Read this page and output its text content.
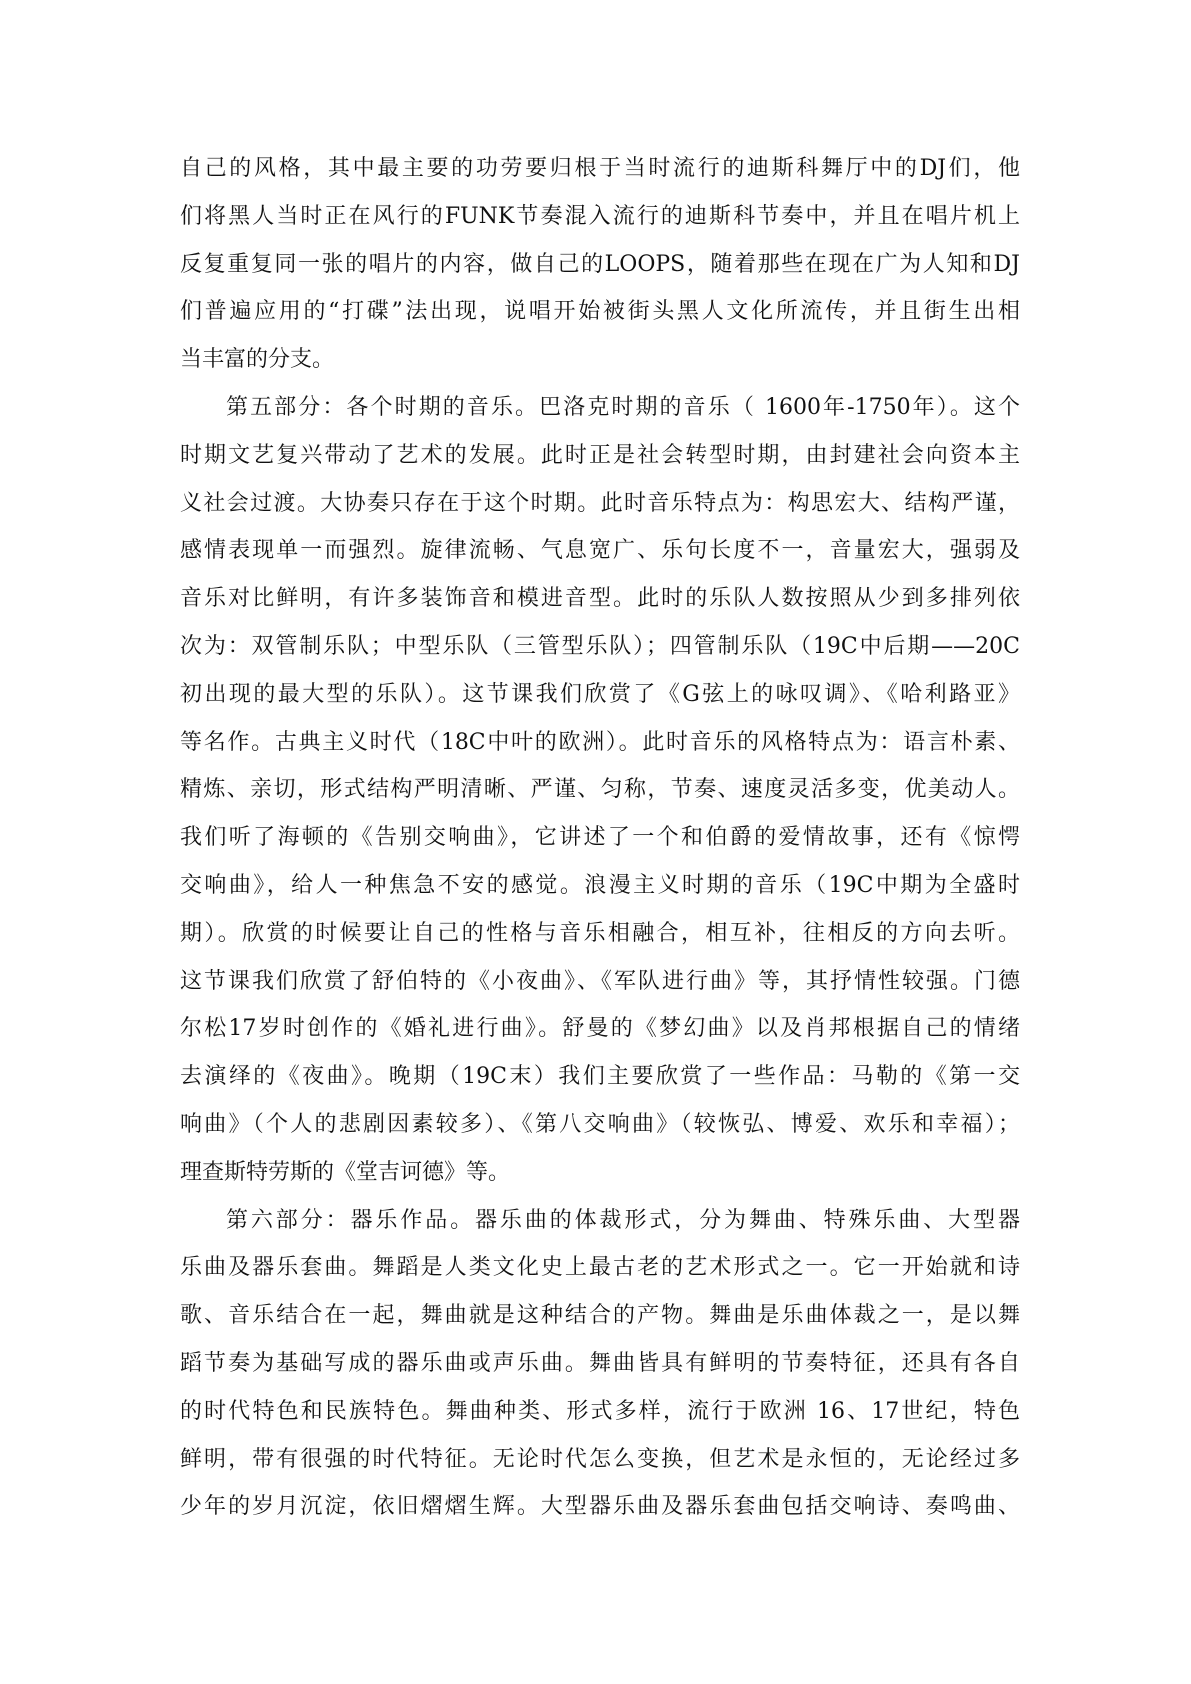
自己的风格，其中最主要的功劳要归根于当时流行的迪斯科舞厅中的DJ们，他
们将黑人当时正在风行的FUNK节奏混入流行的迪斯科节奏中，并且在唱片机上
反复重复同一张的唱片的内容，做自己的LOOPS，随着那些在现在广为人知和DJ
们普遍应用的“打碟”法出现，说唱开始被街头黑人文化所流传，并且街生出相
当丰富的分支。
第五部分：各个时期的音乐。巴洛克时期的音乐（ 1600年-1750年）。这个
时期文艺复兴带动了艺术的发展。此时正是社会转型时期，由封建社会向资本主
义社会过渡。大协奏只存在于这个时期。此时音乐特点为：构思宏大、结构严谨，
感情表现单一而强烈。旋律流畅、气息宽广、乐句长度不一，音量宏大，强弱及
音乐对比鲜明，有许多装饰音和模进音型。此时的乐队人数按照从少到多排列依
次为：双管制乐队；中型乐队（三管型乐队）；四管制乐队（19C中后期——20C
初出现的最大型的乐队）。这节课我们欣赏了《G弦上的咏叹调》、《哈利路亚》
等名作。古典主义时代（18C中叶的欧洲）。此时音乐的风格特点为：语言朴素、
精炼、亲切，形式结构严明清晰、严谨、匀称，节奏、速度灵活多变，优美动人。
我们听了海顿的《告别交响曲》，它讲述了一个和伯爵的爱情故事，还有《惊愕
交响曲》，给人一种焦急不安的感觉。浪漫主义时期的音乐（19C中期为全盛时
期）。欣赏的时候要让自己的性格与音乐相融合，相互补，往相反的方向去听。
这节课我们欣赏了舒伯特的《小夜曲》、《军队进行曲》等，其抒情性较强。门德
尔松17岁时创作的《婚礼进行曲》。舒曼的《梦幻曲》以及肖邦根据自己的情绪
去演绎的《夜曲》。晚期（19C末）我们主要欣赏了一些作品：马勒的《第一交
响曲》（个人的悲剧因素较多）、《第八交响曲》（较恢弘、博爱、欢乐和幸福）；
理查斯特劳斯的《堂吉诃德》等。
第六部分：器乐作品。器乐曲的体裁形式，分为舞曲、特殊乐曲、大型器
乐曲及器乐套曲。舞蹈是人类文化史上最古老的艺术形式之一。它一开始就和诗
歌、音乐结合在一起，舞曲就是这种结合的产物。舞曲是乐曲体裁之一，是以舞
蹈节奏为基础写成的器乐曲或声乐曲。舞曲皆具有鲜明的节奏特征，还具有各自
的时代特色和民族特色。舞曲种类、形式多样，流行于欧洲 16、17世纪，特色
鲜明，带有很强的时代特征。无论时代怎么变换，但艺术是永恒的，无论经过多
少年的岁月沉淀，依旧熠熠生辉。大型器乐曲及器乐套曲包括交响诗、奏鸣曲、
